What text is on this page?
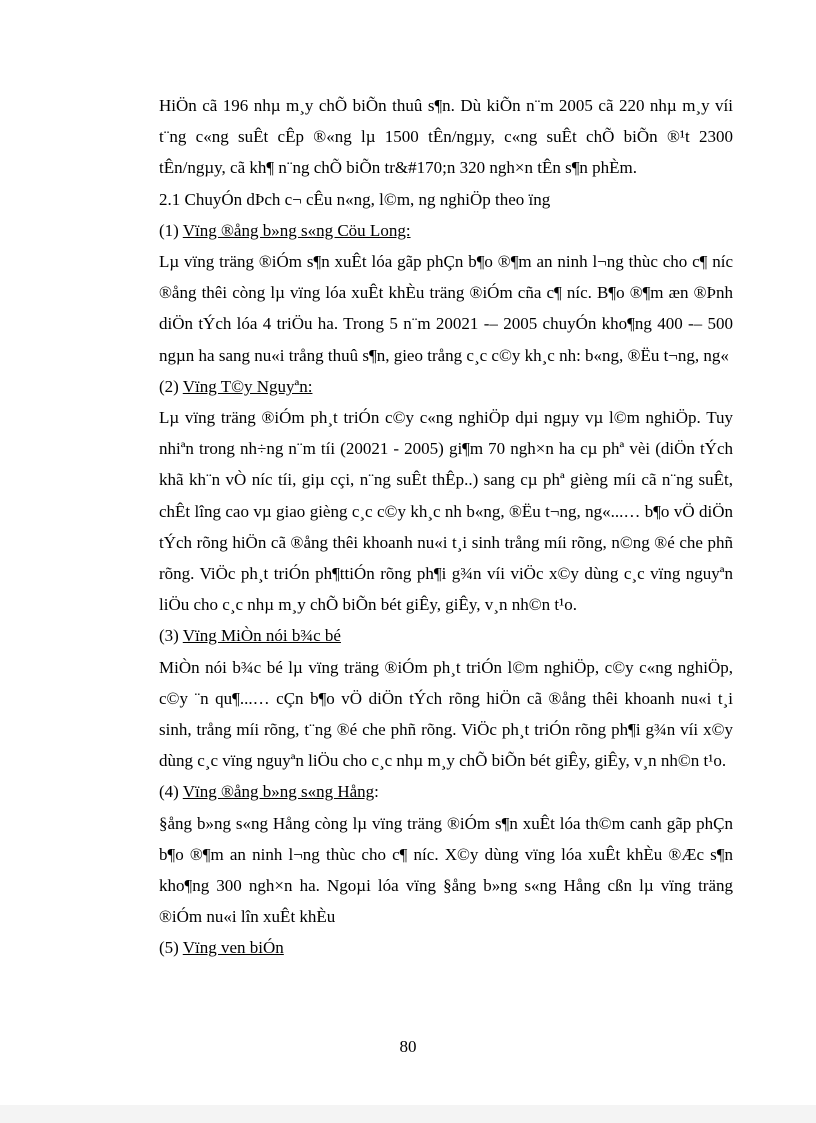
HiÖn cã 196 nhµ m¸y chÕ biÕn thuû s¶n. Dù kiÕn n¨m 2005 cã 220 nhµ m¸y víi t¨ng c«ng suÊt cÊp ®«ng lµ 1500 tÊn/ngµy, c«ng suÊt chÕ biÕn ®¹t 2300 tÊn/ngµy, cã kh¶ n¨ng chÕ biÕn tr&#170;n 320 ngh×n tÊn s¶n phÈm.

2.1 ChuyÓn dÞch c¬ cÊu n«ng, l©m, ng nghiÖp theo ïng

(1) Vïng ®ång b»ng s«ng Cöu Long:

Lµ vïng träng ®iÓm s¶n xuÊt lóa gãp phÇn b¶o ®¶m an ninh l¬ng thùc cho c¶ níc ®ång thêi còng lµ vïng lóa xuÊt khÈu träng ®iÓm cña c¶ níc. B¶o ®¶m æn ®Þnh diÖn tÝch lóa 4 triÖu ha. Trong 5 n¨m 20021 -– 2005 chuyÓn kho¶ng 400 -– 500 ngµn ha sang nu«i trång thuû s¶n, gieo trång c¸c c©y kh¸c nh: b«ng, ®Ëu t¬ng, ng«

(2) Vïng T©y Nguyªn:

Lµ vïng träng ®iÓm ph¸t triÓn c©y c«ng nghiÖp dµi ngµy vµ l©m nghiÖp. Tuy nhiªn trong nh÷ng n¨m tíi (20021 - 2005) gi¶m 70 ngh×n ha cµ phª vèi (diÖn tÝch khã kh¨n vÒ níc tíi, giµ cçi, n¨ng suÊt thÊp..) sang cµ phª gièng míi cã n¨ng suÊt, chÊt lîng cao vµ giao gièng c¸c c©y kh¸c nh b«ng, ®Ëu t¬ng, ng«...… b¶o vÖ diÖn tÝch rõng hiÖn cã ®ång thêi khoanh nu«i t¸i sinh trång míi rõng, n©ng ®é che phñ rõng. ViÖc ph¸t triÓn ph¶ttiÓn rõng ph¶i g¾n víi viÖc x©y dùng c¸c vïng nguyªn liÖu cho c¸c nhµ m¸y chÕ biÕn bét giÊy, giÊy, v¸n nh©n t¹o.

(3) Vïng MiÒn nói b¾c bé

MiÒn nói b¾c bé lµ vïng träng ®iÓm ph¸t triÓn l©m nghiÖp, c©y c«ng nghiÖp, c©y ¨n qu¶...… cÇn b¶o vÖ diÖn tÝch rõng hiÖn cã ®ång thêi khoanh nu«i t¸i sinh, trång míi rõng, t¨ng ®é che phñ rõng. ViÖc ph¸t triÓn rõng ph¶i g¾n víi x©y dùng c¸c vïng nguyªn liÖu cho c¸c nhµ m¸y chÕ biÕn bét giÊy, giÊy, v¸n nh©n t¹o.

(4) Vïng ®ång b»ng s«ng Hång:

§ång b»ng s«ng Hång còng lµ vïng träng ®iÓm s¶n xuÊt lóa th©m canh gãp phÇn b¶o ®¶m an ninh l¬ng thùc cho c¶ níc. X©y dùng vïng lóa xuÊt khÈu ®Æc s¶n kho¶ng 300 ngh×n ha. Ngoµi lóa vïng §ång b»ng s«ng Hång cßn lµ vïng träng ®iÓm nu«i lîn xuÊt khÈu

(5) Vïng ven biÓn

80
